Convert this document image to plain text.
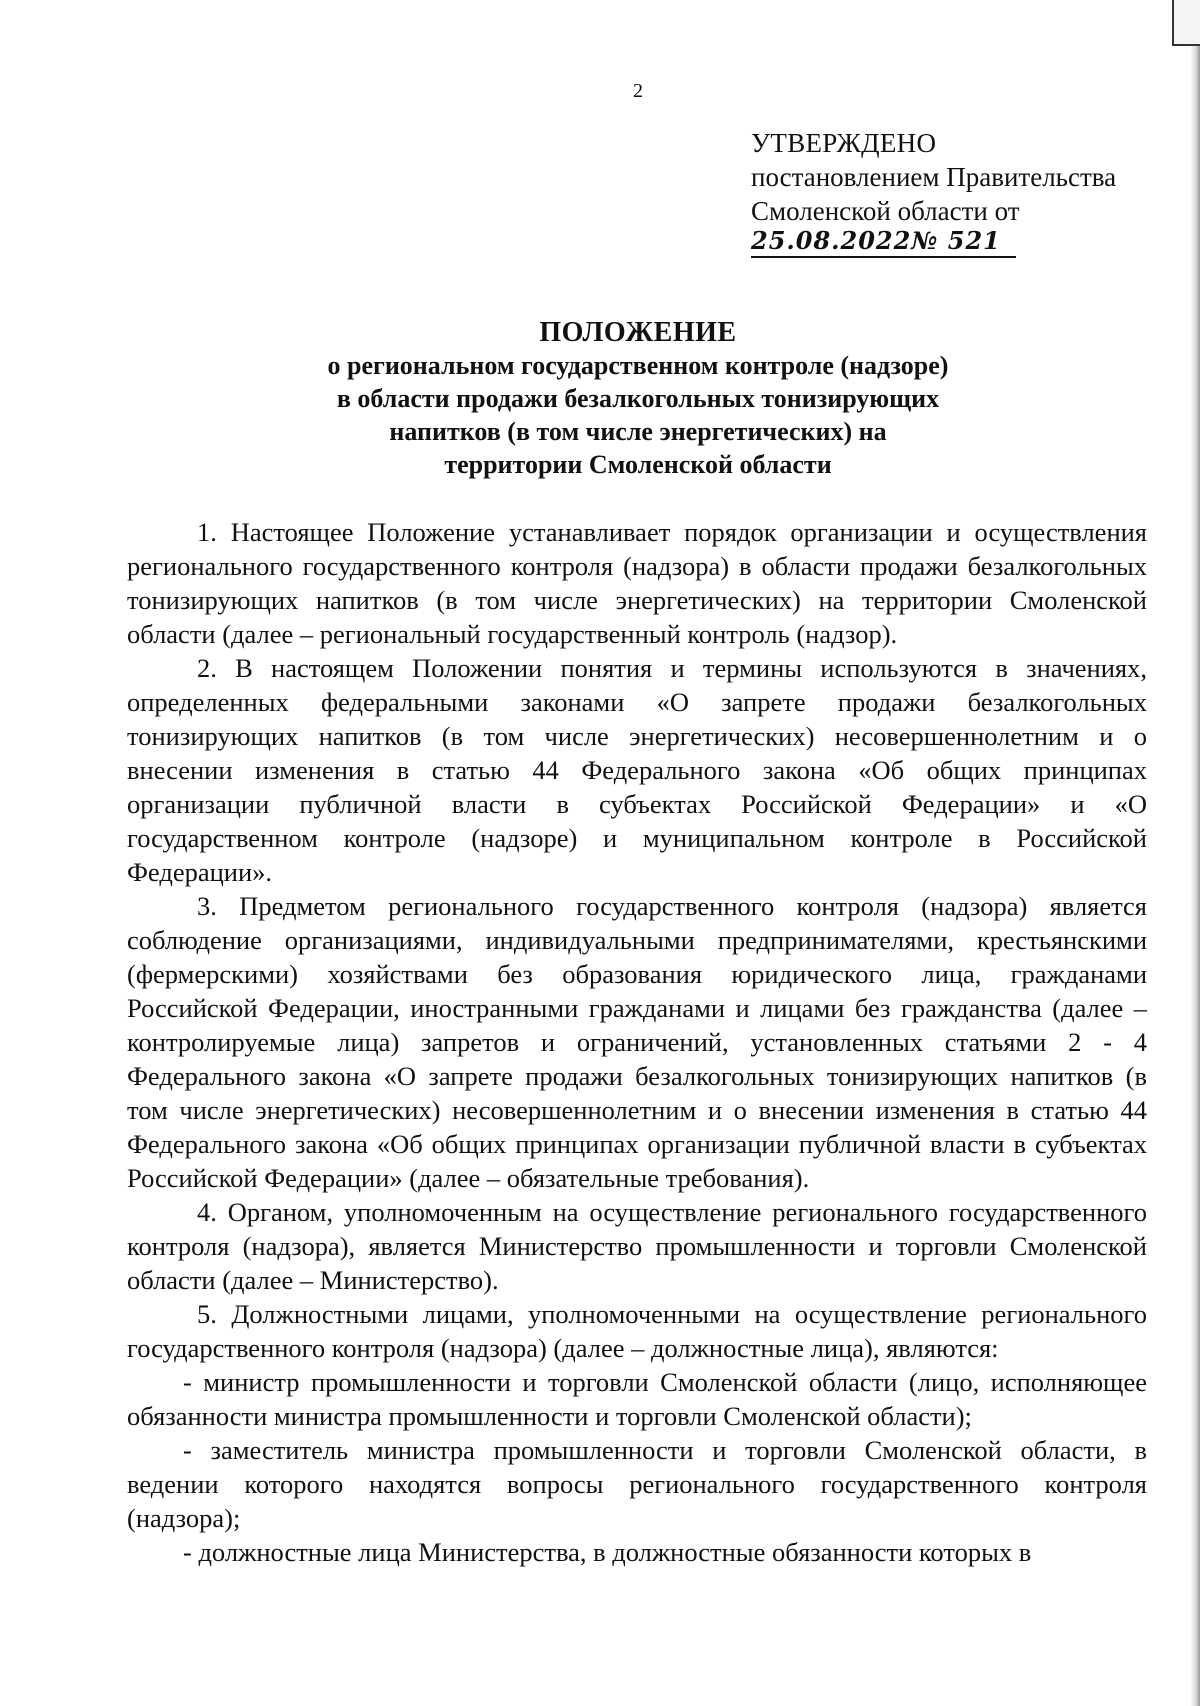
2
УТВЕРЖДЕНО
постановлением Правительства
Смоленской области от
25.08.2022№ 521
ПОЛОЖЕНИЕ
о региональном государственном контроле (надзоре)
в области продажи безалкогольных тонизирующих
напитков (в том числе энергетических) на
территории Смоленской области

1. Настоящее Положение устанавливает порядок организации и осуществления регионального государственного контроля (надзора) в области продажи безалкогольных тонизирующих напитков (в том числе энергетических) на территории Смоленской области (далее – региональный государственный контроль (надзор).

2. В настоящем Положении понятия и термины используются в значениях, определенных федеральными законами «О запрете продажи безалкогольных тонизирующих напитков (в том числе энергетических) несовершеннолетним и о внесении изменения в статью 44 Федерального закона «Об общих принципах организации публичной власти в субъектах Российской Федерации» и «О государственном контроле (надзоре) и муниципальном контроле в Российской Федерации».

3. Предметом регионального государственного контроля (надзора) является соблюдение организациями, индивидуальными предпринимателями, крестьянскими (фермерскими) хозяйствами без образования юридического лица, гражданами Российской Федерации, иностранными гражданами и лицами без гражданства (далее – контролируемые лица) запретов и ограничений, установленных статьями 2 - 4 Федерального закона «О запрете продажи безалкогольных тонизирующих напитков (в том числе энергетических) несовершеннолетним и о внесении изменения в статью 44 Федерального закона «Об общих принципах организации публичной власти в субъектах Российской Федерации» (далее – обязательные требования).

4. Органом, уполномоченным на осуществление регионального государственного контроля (надзора), является Министерство промышленности и торговли Смоленской области (далее – Министерство).

5. Должностными лицами, уполномоченными на осуществление регионального государственного контроля (надзора) (далее – должностные лица), являются:

- министр промышленности и торговли Смоленской области (лицо, исполняющее обязанности министра промышленности и торговли Смоленской области);

- заместитель министра промышленности и торговли Смоленской области, в ведении которого находятся вопросы регионального государственного контроля (надзора);

- должностные лица Министерства, в должностные обязанности которых в
